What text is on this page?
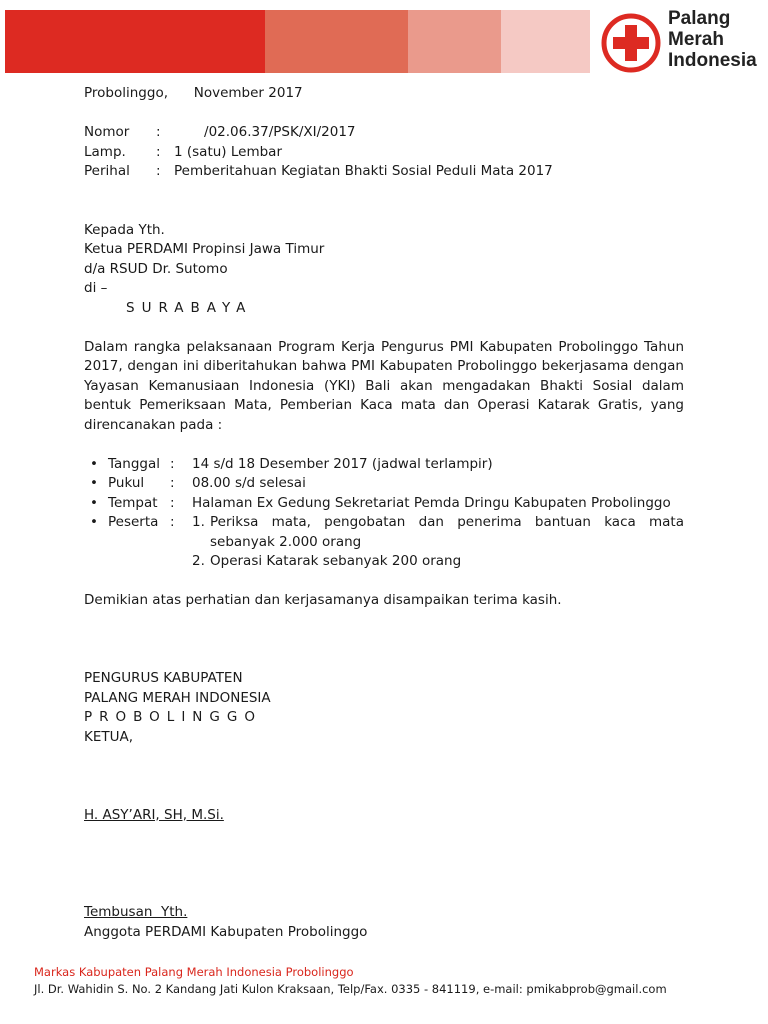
Palang
Merah
Indonesia
Probolinggo,      November 2017
Nomor	: /02.06.37/PSK/XI/2017
Lamp.	: 1 (satu) Lembar
Perihal	: Pemberitahuan Kegiatan Bhakti Sosial Peduli Mata 2017
Kepada Yth.
Ketua PERDAMI Propinsi Jawa Timur
d/a RSUD Dr. Sutomo
di –
SURABAYA
Dalam rangka pelaksanaan Program Kerja Pengurus PMI Kabupaten Probolinggo Tahun 2017, dengan ini diberitahukan bahwa PMI Kabupaten Probolinggo bekerjasama dengan Yayasan Kemanusiaan Indonesia (YKI) Bali akan mengadakan Bhakti Sosial dalam bentuk Pemeriksaan Mata, Pemberian Kaca mata dan Operasi Katarak Gratis, yang direncanakan pada :
• Tanggal :	14 s/d 18 Desember 2017 (jadwal terlampir)
• Pukul	:	08.00 s/d selesai
• Tempat :	Halaman Ex Gedung Sekretariat Pemda Dringu Kabupaten Probolinggo
• Peserta :	1. Periksa mata, pengobatan dan penerima bantuan kaca mata sebanyak 2.000 orang
2. Operasi Katarak sebanyak 200 orang
Demikian atas perhatian dan kerjasamanya disampaikan terima kasih.
PENGURUS KABUPATEN
PALANG MERAH INDONESIA
PROBOLINGGO
KETUA,
H. ASY’ARI, SH, M.Si.
Tembusan  Yth.
Anggota PERDAMI Kabupaten Probolinggo
Markas Kabupaten Palang Merah Indonesia Probolinggo
Jl. Dr. Wahidin S. No. 2 Kandang Jati Kulon Kraksaan, Telp/Fax. 0335 - 841119, e-mail: pmikabprob@gmail.com
